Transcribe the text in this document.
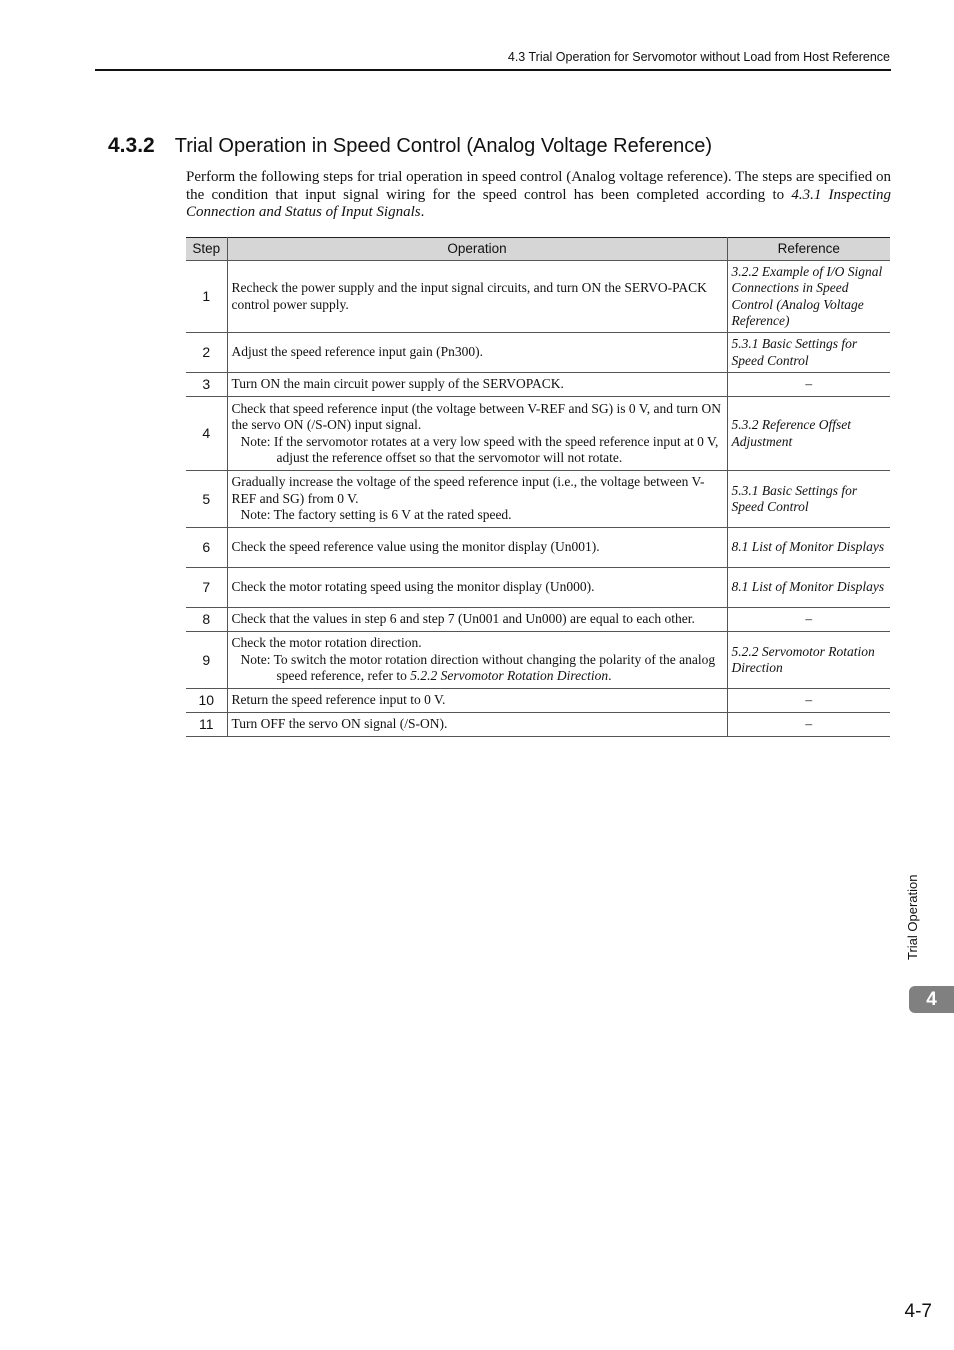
4.3 Trial Operation for Servomotor without Load from Host Reference
4.3.2 Trial Operation in Speed Control (Analog Voltage Reference)

Perform the following steps for trial operation in speed control (Analog voltage reference). The steps are specified on the condition that input signal wiring for the speed control has been completed according to 4.3.1 Inspecting Connection and Status of Input Signals.

Step	Operation	Reference
1	Recheck the power supply and the input signal circuits, and turn ON the SERVO-PACK control power supply.	3.2.2 Example of I/O Signal Connections in Speed Control (Analog Voltage Reference)
2	Adjust the speed reference input gain (Pn300).	5.3.1 Basic Settings for Speed Control
3	Turn ON the main circuit power supply of the SERVOPACK.	–
4	Check that speed reference input (the voltage between V-REF and SG) is 0 V, and turn ON the servo ON (/S-ON) input signal.
Note: If the servomotor rotates at a very low speed with the speed reference input at 0 V, adjust the reference offset so that the servomotor will not rotate.	5.3.2 Reference Offset Adjustment
5	Gradually increase the voltage of the speed reference input (i.e., the voltage between V-REF and SG) from 0 V.
Note: The factory setting is 6 V at the rated speed.	5.3.1 Basic Settings for Speed Control
6	Check the speed reference value using the monitor display (Un001).	8.1 List of Monitor Displays
7	Check the motor rotating speed using the monitor display (Un000).	8.1 List of Monitor Displays
8	Check that the values in step 6 and step 7 (Un001 and Un000) are equal to each other.	–
9	Check the motor rotation direction.
Note: To switch the motor rotation direction without changing the polarity of the analog speed reference, refer to 5.2.2 Servomotor Rotation Direction.	5.2.2 Servomotor Rotation Direction
10	Return the speed reference input to 0 V.	–
11	Turn OFF the servo ON signal (/S-ON).	–
Trial Operation
4
4-7
